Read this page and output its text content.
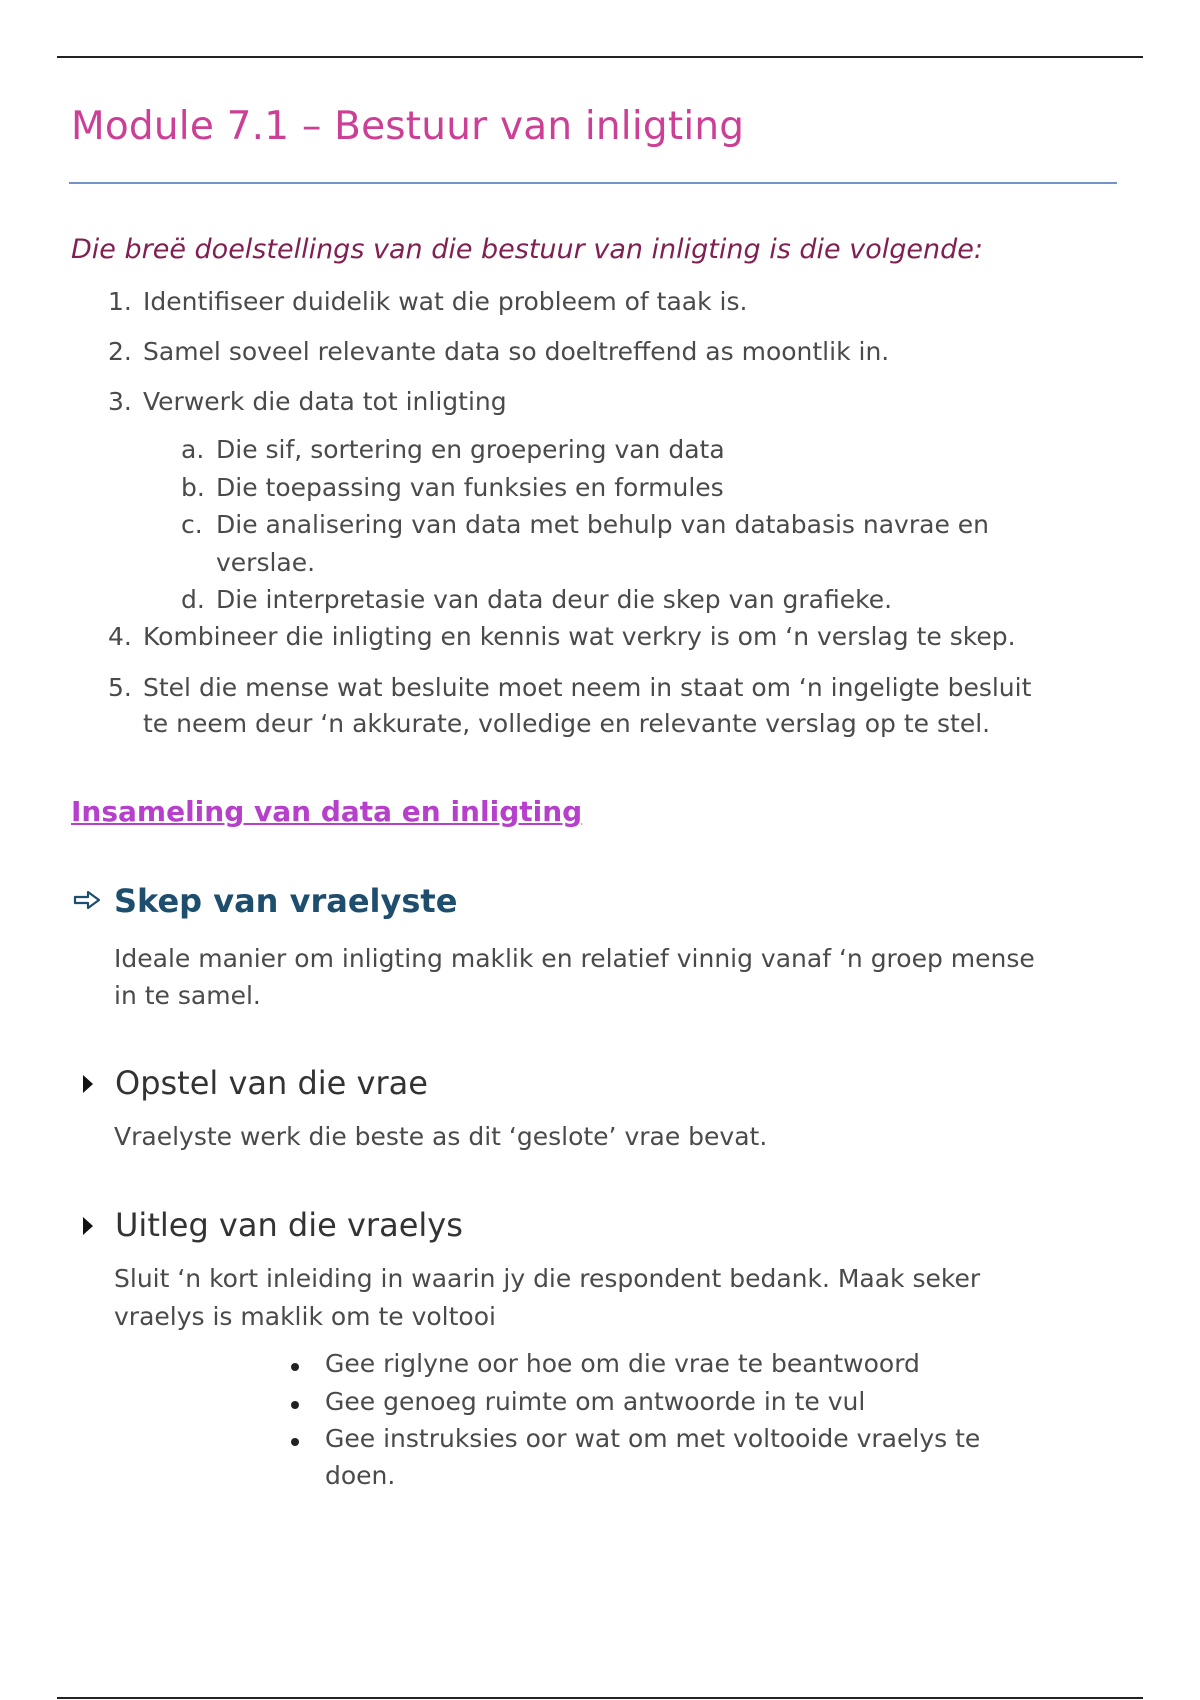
Module 7.1 – Bestuur van inligting
Die breë doelstellings van die bestuur van inligting is die volgende:
1. Identifiseer duidelik wat die probleem of taak is.
2. Samel soveel relevante data so doeltreffend as moontlik in.
3. Verwerk die data tot inligting
a. Die sif, sortering en groepering van data
b. Die toepassing van funksies en formules
c. Die analisering van data met behulp van databasis navrae en
verslae.
d. Die interpretasie van data deur die skep van grafieke.
4. Kombineer die inligting en kennis wat verkry is om ‘n verslag te skep.
5. Stel die mense wat besluite moet neem in staat om ‘n ingeligte besluit
te neem deur ‘n akkurate, volledige en relevante verslag op te stel.
Insameling van data en inligting
Skep van vraelyste
Ideale manier om inligting maklik en relatief vinnig vanaf ‘n groep mense
in te samel.
Opstel van die vrae
Vraelyste werk die beste as dit ‘geslote’ vrae bevat.
Uitleg van die vraelys
Sluit ‘n kort inleiding in waarin jy die respondent bedank. Maak seker
vraelys is maklik om te voltooi
Gee riglyne oor hoe om die vrae te beantwoord
Gee genoeg ruimte om antwoorde in te vul
Gee instruksies oor wat om met voltooide vraelys te
doen.
